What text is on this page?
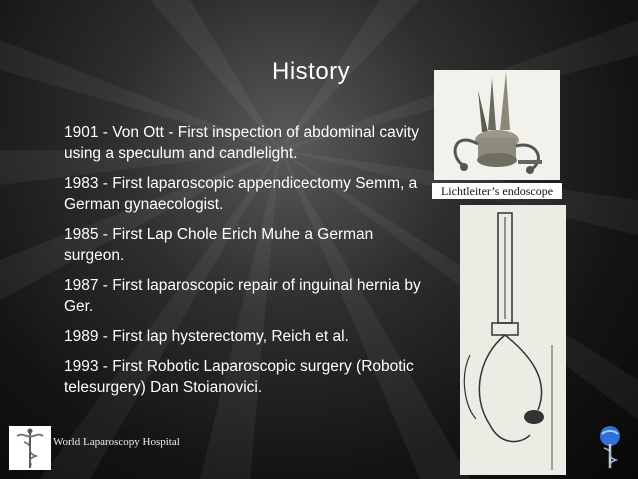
History
1901 - Von Ott - First inspection of abdominal cavity using a speculum and candlelight.
1983 - First laparoscopic appendicectomy Semm, a German gynaecologist.
1985 - First Lap Chole Erich Muhe a German surgeon.
1987 - First laparoscopic repair of inguinal hernia by Ger.
1989 - First lap hysterectomy, Reich et al.
1993 - First Robotic Laparoscopic surgery (Robotic telesurgery) Dan Stoianovici.
Lichtleiter’s endoscope
World Laparoscopy Hospital
